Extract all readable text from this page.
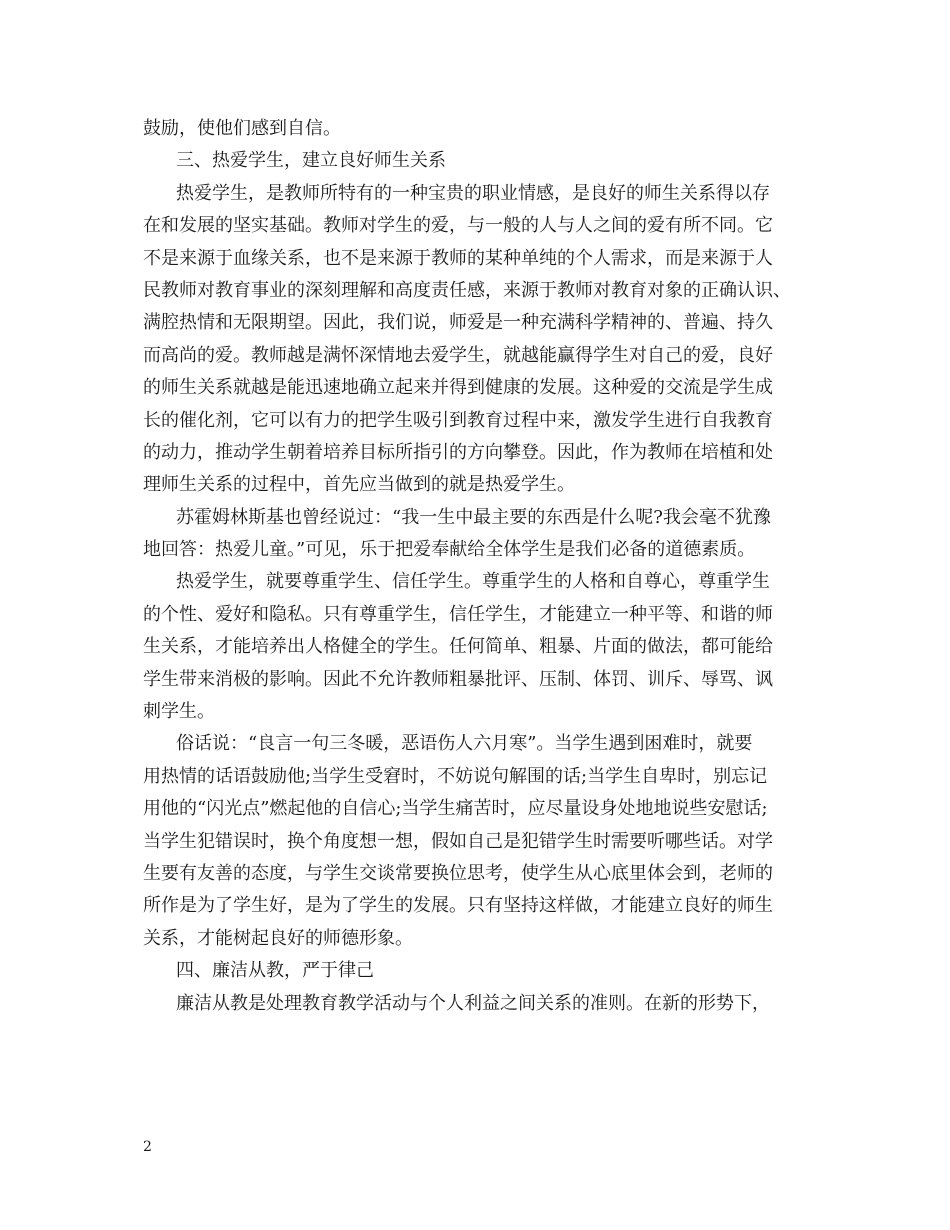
鼓励，使他们感到自信。
三、热爱学生，建立良好师生关系
热爱学生，是教师所特有的一种宝贵的职业情感，是良好的师生关系得以存
在和发展的坚实基础。教师对学生的爱，与一般的人与人之间的爱有所不同。它
不是来源于血缘关系，也不是来源于教师的某种单纯的个人需求，而是来源于人
民教师对教育事业的深刻理解和高度责任感，来源于教师对教育对象的正确认识、
满腔热情和无限期望。因此，我们说，师爱是一种充满科学精神的、普遍、持久
而高尚的爱。教师越是满怀深情地去爱学生，就越能赢得学生对自己的爱，良好
的师生关系就越是能迅速地确立起来并得到健康的发展。这种爱的交流是学生成
长的催化剂，它可以有力的把学生吸引到教育过程中来，激发学生进行自我教育
的动力，推动学生朝着培养目标所指引的方向攀登。因此，作为教师在培植和处
理师生关系的过程中，首先应当做到的就是热爱学生。
苏霍姆林斯基也曾经说过：“我一生中最主要的东西是什么呢?我会毫不犹豫
地回答：热爱儿童。”可见，乐于把爱奉献给全体学生是我们必备的道德素质。
热爱学生，就要尊重学生、信任学生。尊重学生的人格和自尊心，尊重学生
的个性、爱好和隐私。只有尊重学生，信任学生，才能建立一种平等、和谐的师
生关系，才能培养出人格健全的学生。任何简单、粗暴、片面的做法，都可能给
学生带来消极的影响。因此不允许教师粗暴批评、压制、体罚、训斥、辱骂、讽
刺学生。
俗话说：“良言一句三冬暖，恶语伤人六月寒”。当学生遇到困难时，就要
用热情的话语鼓励他;当学生受窘时，不妨说句解围的话;当学生自卑时，别忘记
用他的“闪光点”燃起他的自信心;当学生痛苦时，应尽量设身处地地说些安慰话;
当学生犯错误时，换个角度想一想，假如自己是犯错学生时需要听哪些话。对学
生要有友善的态度，与学生交谈常要换位思考，使学生从心底里体会到，老师的
所作是为了学生好，是为了学生的发展。只有坚持这样做，才能建立良好的师生
关系，才能树起良好的师德形象。
四、廉洁从教，严于律己
廉洁从教是处理教育教学活动与个人利益之间关系的准则。在新的形势下，
2
